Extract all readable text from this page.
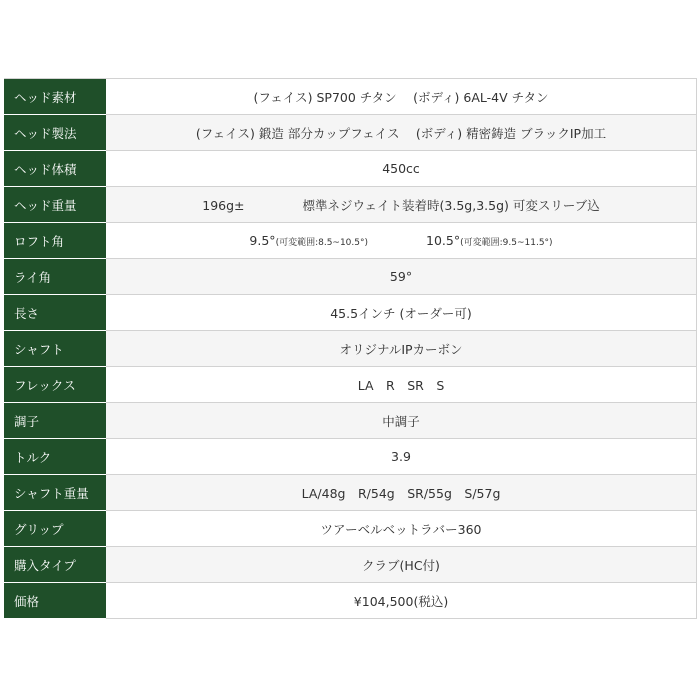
ヘッド素材	(フェイス) SP700 チタン　 (ボディ) 6AL-4V チタン
ヘッド製法	(フェイス) 鍛造 部分カップフェイス　 (ボディ) 精密鋳造 ブラックIP加工
ヘッド体積	450cc
ヘッド重量	196g± 標準ネジウェイト装着時(3.5g,3.5g) 可変スリーブ込
ロフト角	9.5°(可変範囲:8.5~10.5°) 10.5°(可変範囲:9.5~11.5°)
ライ角	59°
長さ	45.5インチ (オーダー可)
シャフト	オリジナルIPカーボン
フレックス	LA　R　SR　S
調子	中調子
トルク	3.9
シャフト重量	LA/48g　R/54g　SR/55g　S/57g
グリップ	ツアーベルベットラバー360
購入タイプ	クラブ(HC付)
価格	¥104,500(税込)
